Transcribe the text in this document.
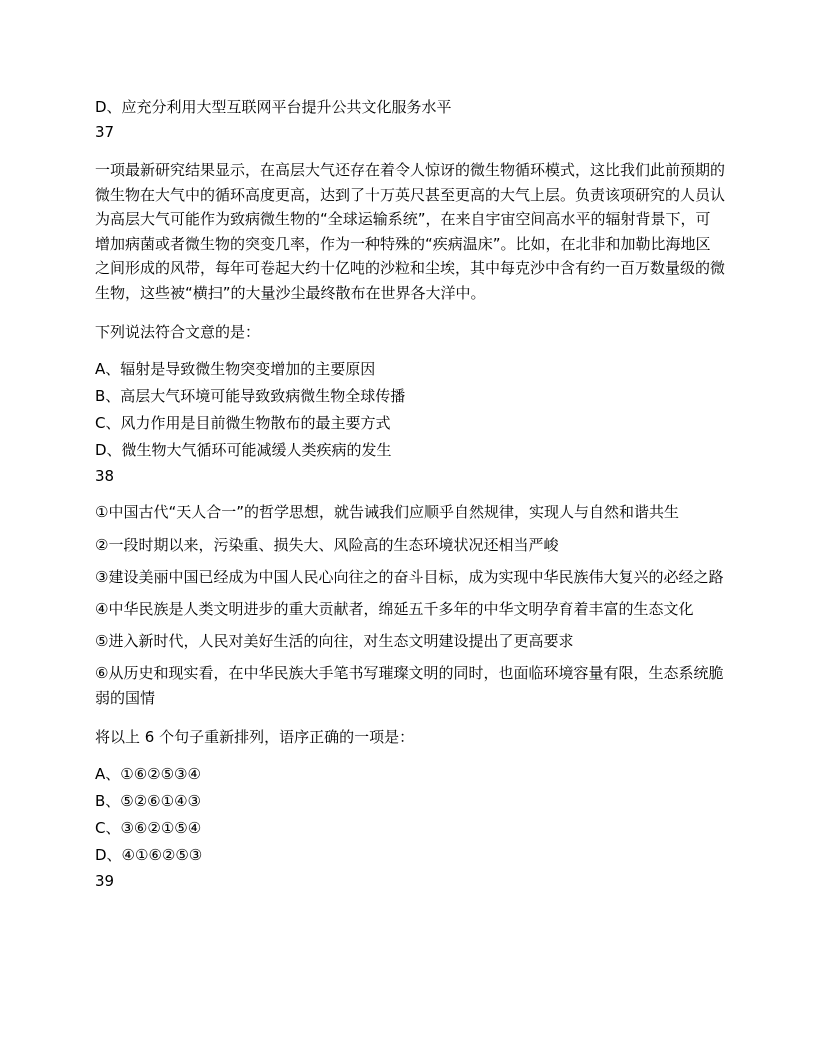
D、应充分利用大型互联网平台提升公共文化服务水平
37

一项最新研究结果显示，在高层大气还存在着令人惊讶的微生物循环模式，这比我们此前预期的微生物在大气中的循环高度更高，达到了十万英尺甚至更高的大气上层。负责该项研究的人员认为高层大气可能作为致病微生物的“全球运输系统”，在来自宇宙空间高水平的辐射背景下，可增加病菌或者微生物的突变几率，作为一种特殊的“疾病温床”。比如，在北非和加勒比海地区之间形成的风带，每年可卷起大约十亿吨的沙粒和尘埃，其中每克沙中含有约一百万数量级的微生物，这些被“横扫”的大量沙尘最终散布在世界各大洋中。

下列说法符合文意的是：
A、辐射是导致微生物突变增加的主要原因
B、高层大气环境可能导致致病微生物全球传播
C、风力作用是目前微生物散布的最主要方式
D、微生物大气循环可能减缓人类疾病的发生
38
①中国古代“天人合一”的哲学思想，就告诫我们应顺乎自然规律，实现人与自然和谐共生
②一段时期以来，污染重、损失大、风险高的生态环境状况还相当严峻

③建设美丽中国已经成为中国人民心向往之的奋斗目标，成为实现中华民族伟大复兴的必经之路

④中华民族是人类文明进步的重大贡献者，绵延五千多年的中华文明孕育着丰富的生态文化

⑤进入新时代，人民对美好生活的向往，对生态文明建设提出了更高要求

⑥从历史和现实看，在中华民族大手笔书写璀璨文明的同时，也面临环境容量有限，生态系统脆弱的国情

将以上 6 个句子重新排列，语序正确的一项是：
A、①⑥②⑤③④
B、⑤②⑥①④③
C、③⑥②①⑤④
D、④①⑥②⑤③
39
